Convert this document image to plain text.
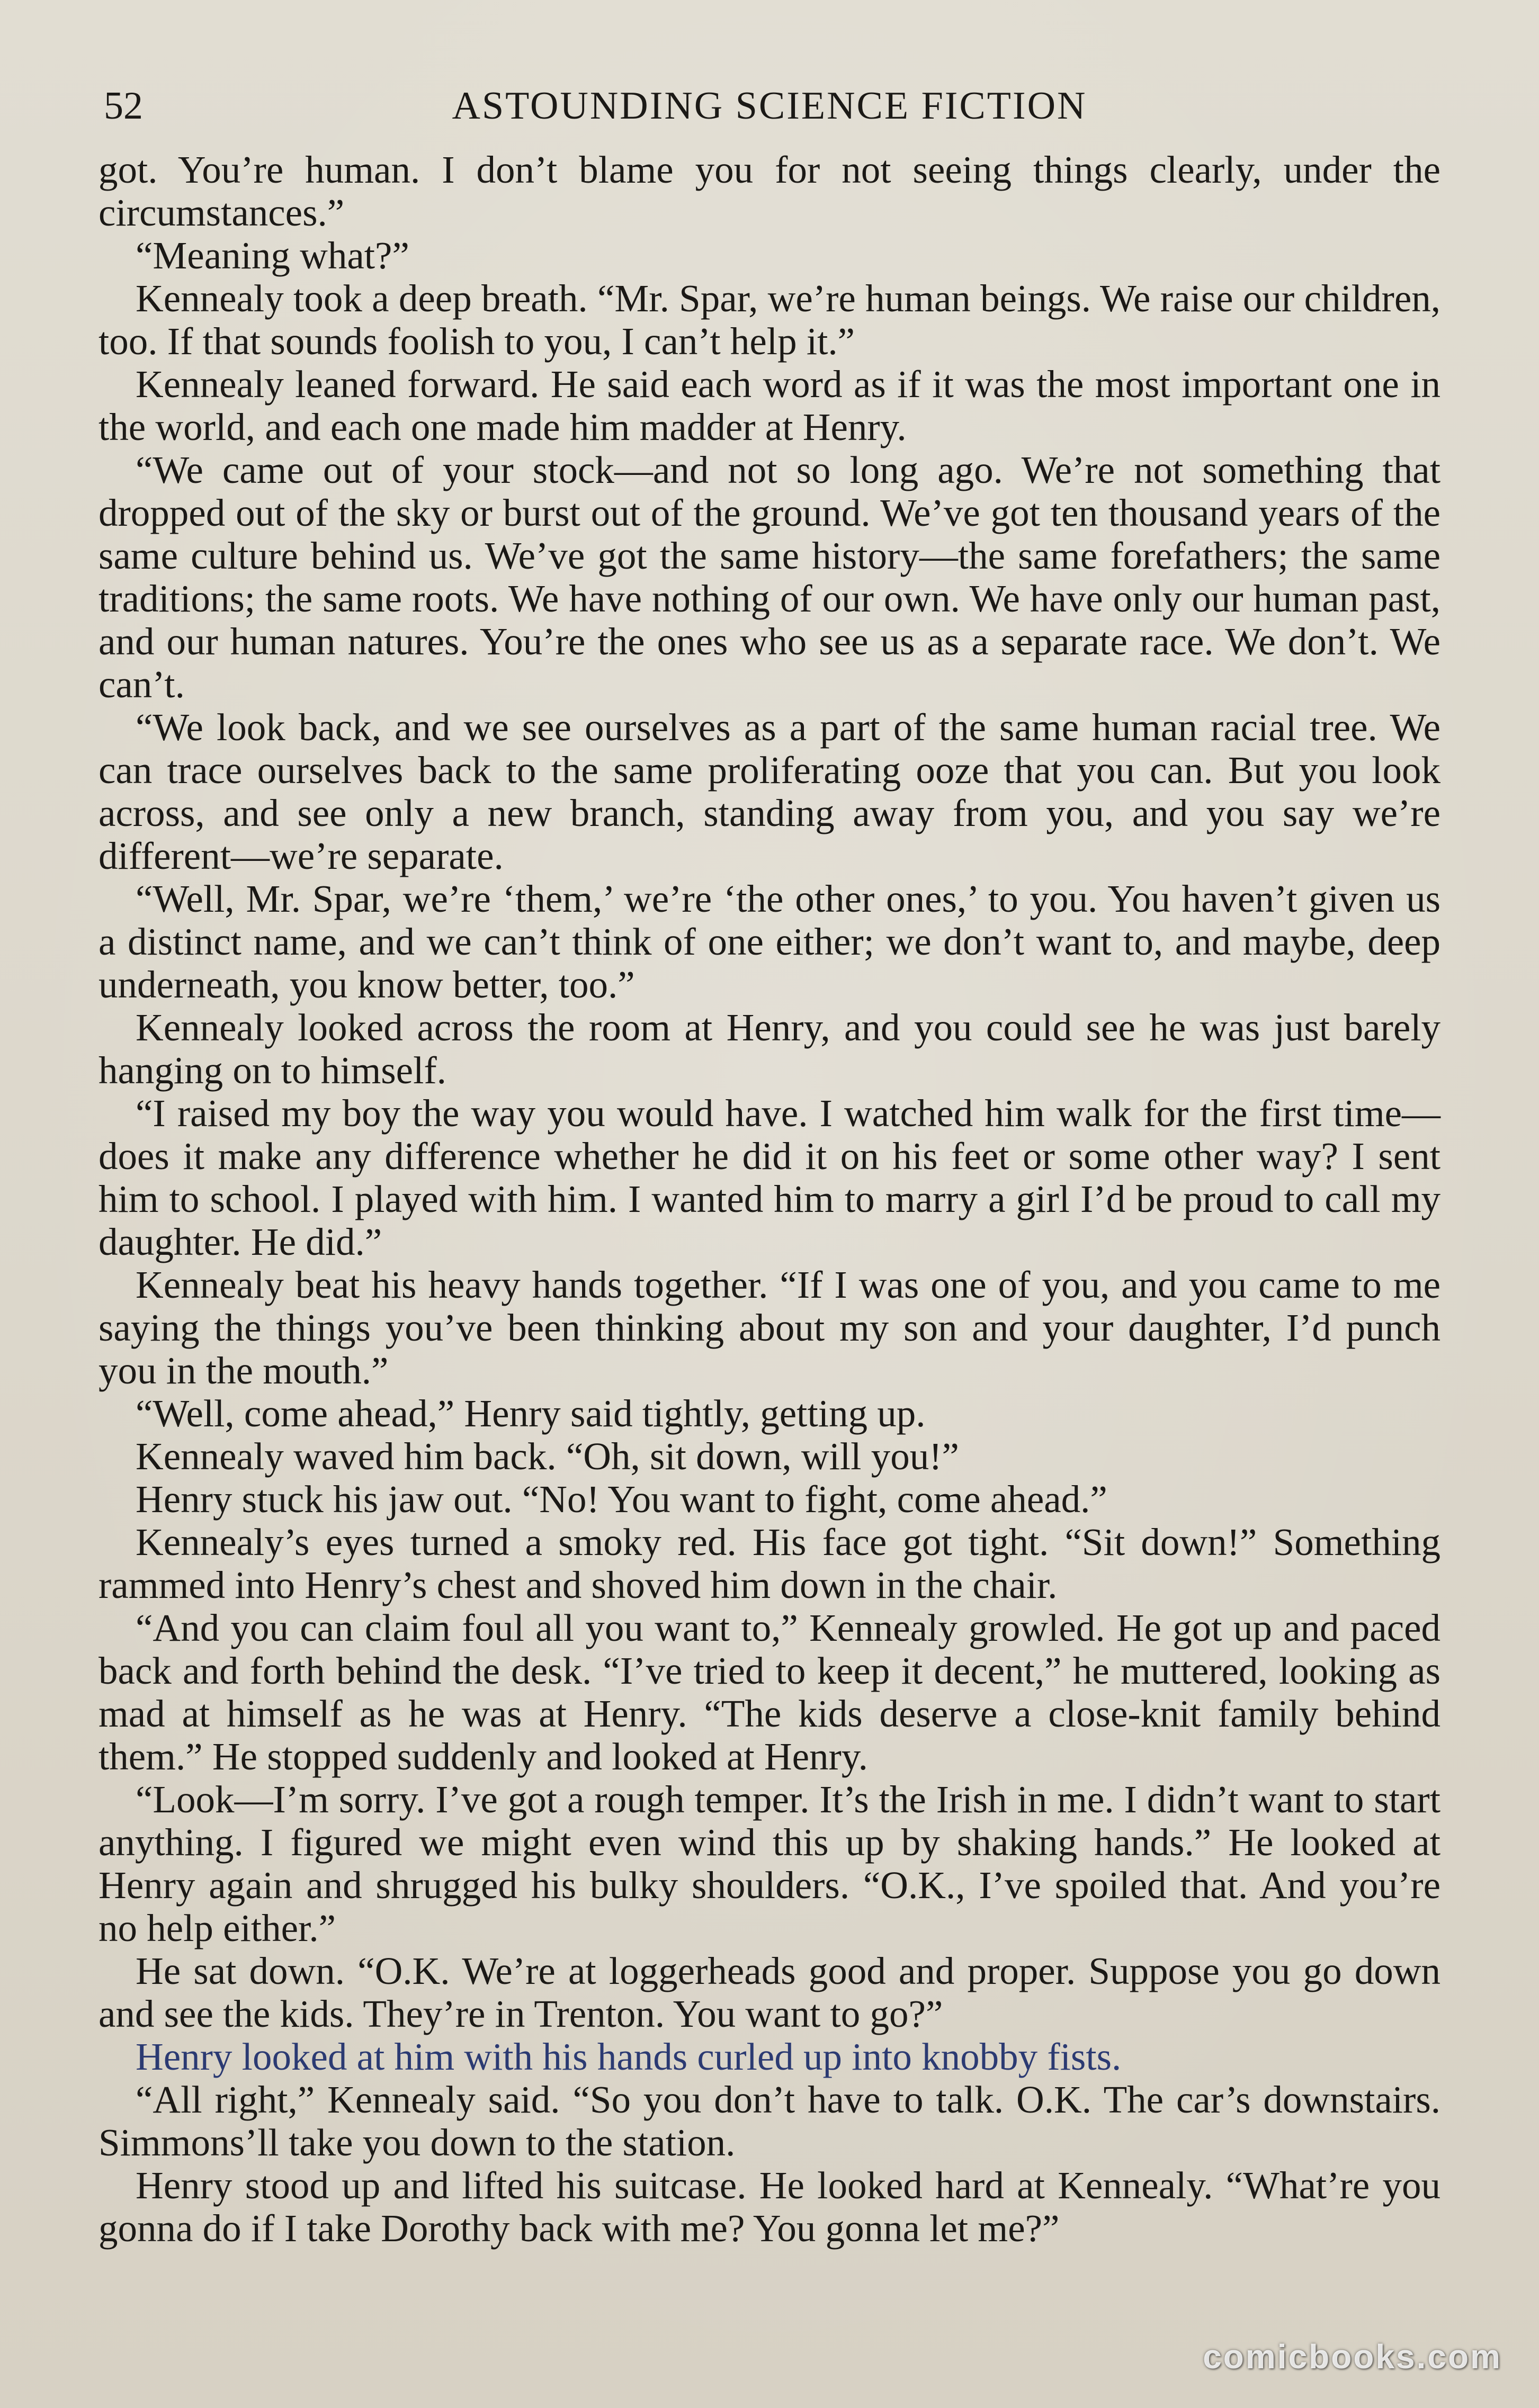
52	ASTOUNDING SCIENCE FICTION

got. You’re human. I don’t blame you for not seeing things clearly, under the circumstances.”

“Meaning what?”

Kennealy took a deep breath. “Mr. Spar, we’re human beings. We raise our children, too. If that sounds foolish to you, I can’t help it.”

Kennealy leaned forward. He said each word as if it was the most important one in the world, and each one made him madder at Henry.

“We came out of your stock—and not so long ago. We’re not something that dropped out of the sky or burst out of the ground. We’ve got ten thousand years of the same culture behind us. We’ve got the same history—the same forefathers; the same traditions; the same roots. We have nothing of our own. We have only our human past, and our human natures. You’re the ones who see us as a separate race. We don’t. We can’t.

“We look back, and we see ourselves as a part of the same human racial tree. We can trace ourselves back to the same proliferating ooze that you can. But you look across, and see only a new branch, standing away from you, and you say we’re different—we’re separate.

“Well, Mr. Spar, we’re ‘them,’ we’re ‘the other ones,’ to you. You haven’t given us a distinct name, and we can’t think of one either; we don’t want to, and maybe, deep underneath, you know better, too.”

Kennealy looked across the room at Henry, and you could see he was just barely hanging on to himself.

“I raised my boy the way you would have. I watched him walk for the first time—does it make any difference whether he did it on his feet or some other way? I sent him to school. I played with him. I wanted him to marry a girl I’d be proud to call my daughter. He did.”

Kennealy beat his heavy hands together. “If I was one of you, and you came to me saying the things you’ve been thinking about my son and your daughter, I’d punch you in the mouth.”

“Well, come ahead,” Henry said tightly, getting up.

Kennealy waved him back. “Oh, sit down, will you!”

Henry stuck his jaw out. “No! You want to fight, come ahead.”

Kennealy’s eyes turned a smoky red. His face got tight. “Sit down!” Something rammed into Henry’s chest and shoved him down in the chair.

“And you can claim foul all you want to,” Kennealy growled. He got up and paced back and forth behind the desk. “I’ve tried to keep it decent,” he muttered, looking as mad at himself as he was at Henry. “The kids deserve a close-knit family behind them.” He stopped suddenly and looked at Henry.

“Look—I’m sorry. I’ve got a rough temper. It’s the Irish in me. I didn’t want to start anything. I figured we might even wind this up by shaking hands.” He looked at Henry again and shrugged his bulky shoulders. “O.K., I’ve spoiled that. And you’re no help either.”

He sat down. “O.K. We’re at loggerheads good and proper. Suppose you go down and see the kids. They’re in Trenton. You want to go?”

Henry looked at him with his hands curled up into knobby fists.

“All right,” Kennealy said. “So you don’t have to talk. O.K. The car’s downstairs. Simmons’ll take you down to the station.

Henry stood up and lifted his suitcase. He looked hard at Kennealy. “What’re you gonna do if I take Dorothy back with me? You gonna let me?”

comicbooks.com
